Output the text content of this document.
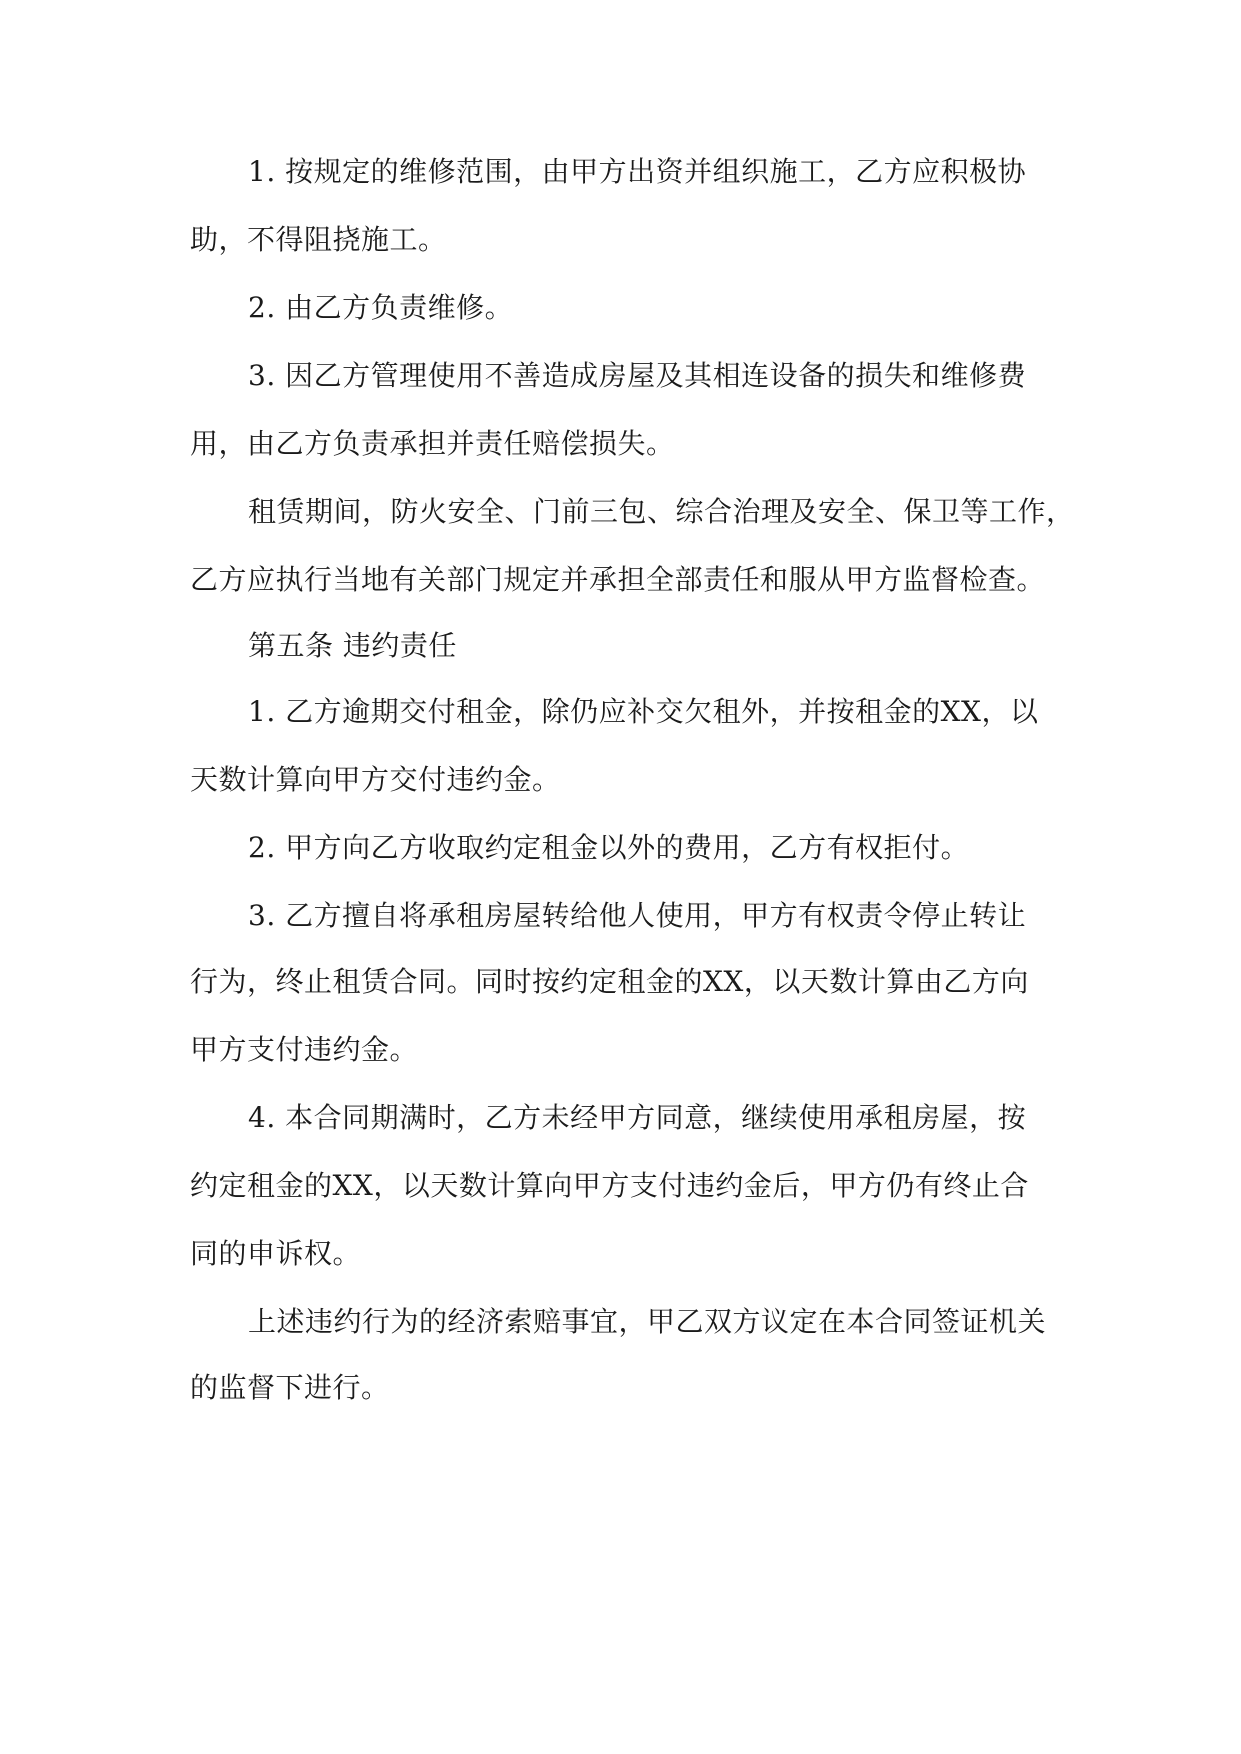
1. 按规定的维修范围，由甲方出资并组织施工，乙方应积极协
助，不得阻挠施工。
2. 由乙方负责维修。
3. 因乙方管理使用不善造成房屋及其相连设备的损失和维修费
用，由乙方负责承担并责任赔偿损失。
租赁期间，防火安全、门前三包、综合治理及安全、保卫等工作，
乙方应执行当地有关部门规定并承担全部责任和服从甲方监督检查。
第五条 违约责任
1. 乙方逾期交付租金，除仍应补交欠租外，并按租金的XX，以
天数计算向甲方交付违约金。
2. 甲方向乙方收取约定租金以外的费用，乙方有权拒付。
3. 乙方擅自将承租房屋转给他人使用，甲方有权责令停止转让
行为，终止租赁合同。同时按约定租金的XX，以天数计算由乙方向
甲方支付违约金。
4. 本合同期满时，乙方未经甲方同意，继续使用承租房屋，按
约定租金的XX，以天数计算向甲方支付违约金后，甲方仍有终止合
同的申诉权。
上述违约行为的经济索赔事宜，甲乙双方议定在本合同签证机关
的监督下进行。
